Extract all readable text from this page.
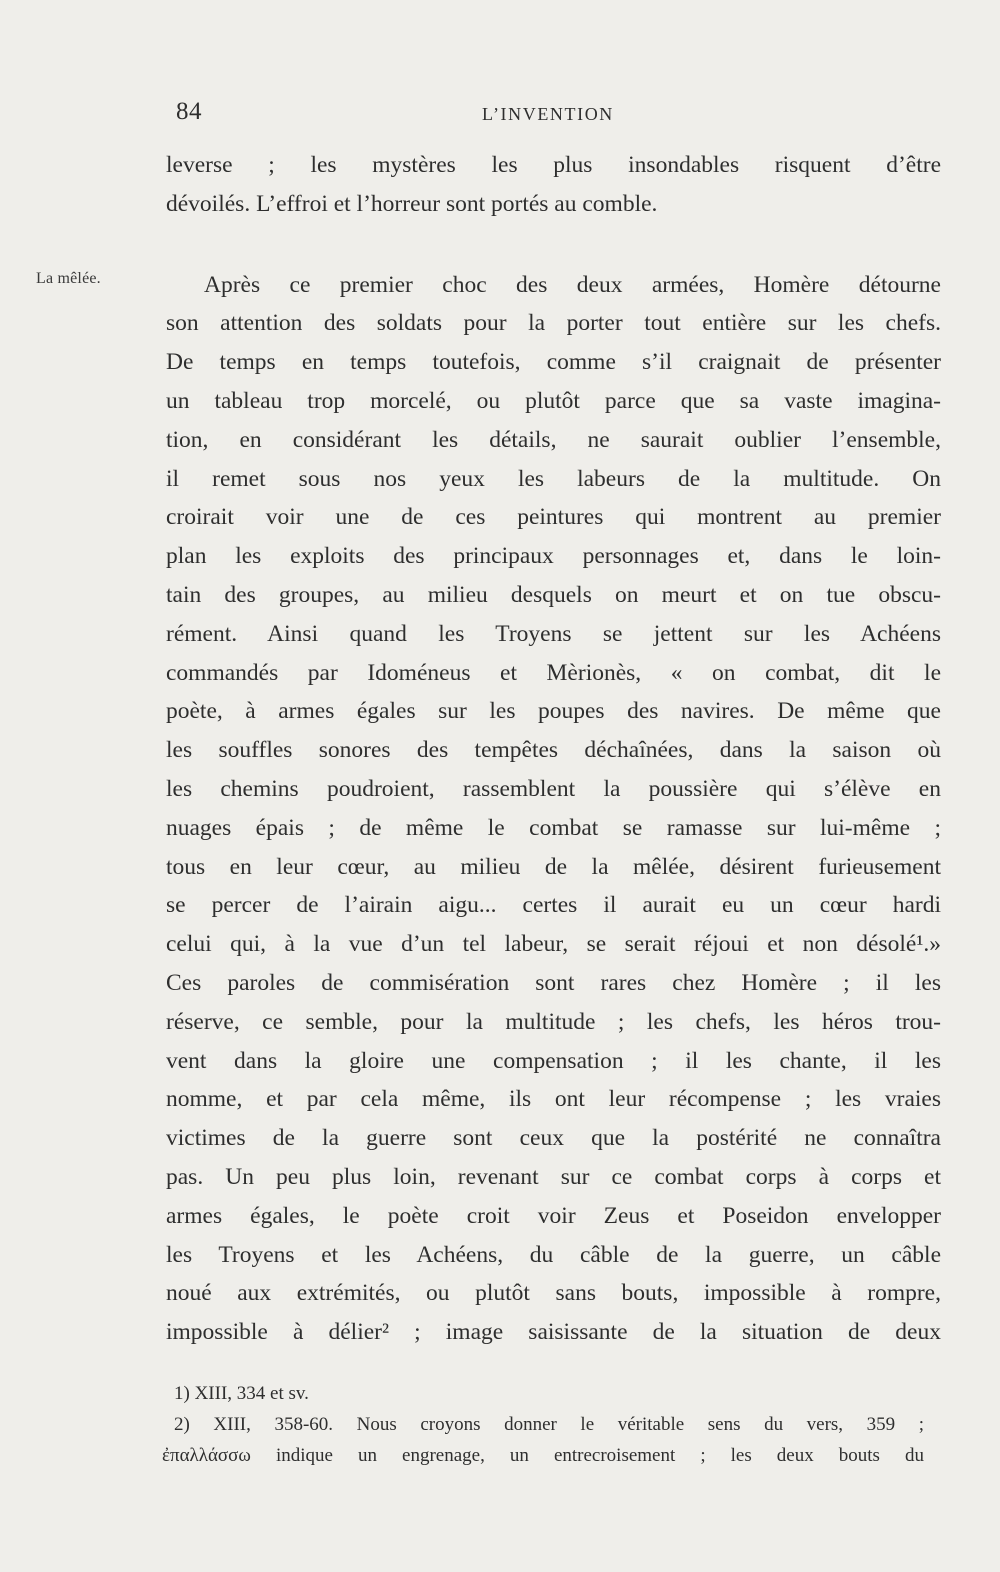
84	L’INVENTION
La mêlée.
leverse ; les mystères les plus insondables risquent d’être
dévoilés. L’effroi et l’horreur sont portés au comble.
Après ce premier choc des deux armées, Homère détourne
son attention des soldats pour la porter tout entière sur les chefs.
De temps en temps toutefois, comme s’il craignait de présenter
un tableau trop morcelé, ou plutôt parce que sa vaste imagina-
tion, en considérant les détails, ne saurait oublier l’ensemble,
il remet sous nos yeux les labeurs de la multitude. On
croirait voir une de ces peintures qui montrent au premier
plan les exploits des principaux personnages et, dans le loin-
tain des groupes, au milieu desquels on meurt et on tue obscu-
rément. Ainsi quand les Troyens se jettent sur les Achéens
commandés par Idoméneus et Mèrionès, « on combat, dit le
poète, à armes égales sur les poupes des navires. De même que
les souffles sonores des tempêtes déchaînées, dans la saison où
les chemins poudroient, rassemblent la poussière qui s’élève en
nuages épais ; de même le combat se ramasse sur lui-même ;
tous en leur cœur, au milieu de la mêlée, désirent furieusement
se percer de l’airain aigu... certes il aurait eu un cœur hardi
celui qui, à la vue d’un tel labeur, se serait réjoui et non désolé¹.»
Ces paroles de commisération sont rares chez Homère ; il les
réserve, ce semble, pour la multitude ; les chefs, les héros trou-
vent dans la gloire une compensation ; il les chante, il les
nomme, et par cela même, ils ont leur récompense ; les vraies
victimes de la guerre sont ceux que la postérité ne connaîtra
pas. Un peu plus loin, revenant sur ce combat corps à corps et
armes égales, le poète croit voir Zeus et Poseidon envelopper
les Troyens et les Achéens, du câble de la guerre, un câble
noué aux extrémités, ou plutôt sans bouts, impossible à rompre,
impossible à délier² ; image saisissante de la situation de deux
1) XIII, 334 et sv.
2) XIII, 358-60. Nous croyons donner le véritable sens du vers, 359 ;
ἐπαλλάσσω indique un engrenage, un entrecroisement ; les deux bouts du
